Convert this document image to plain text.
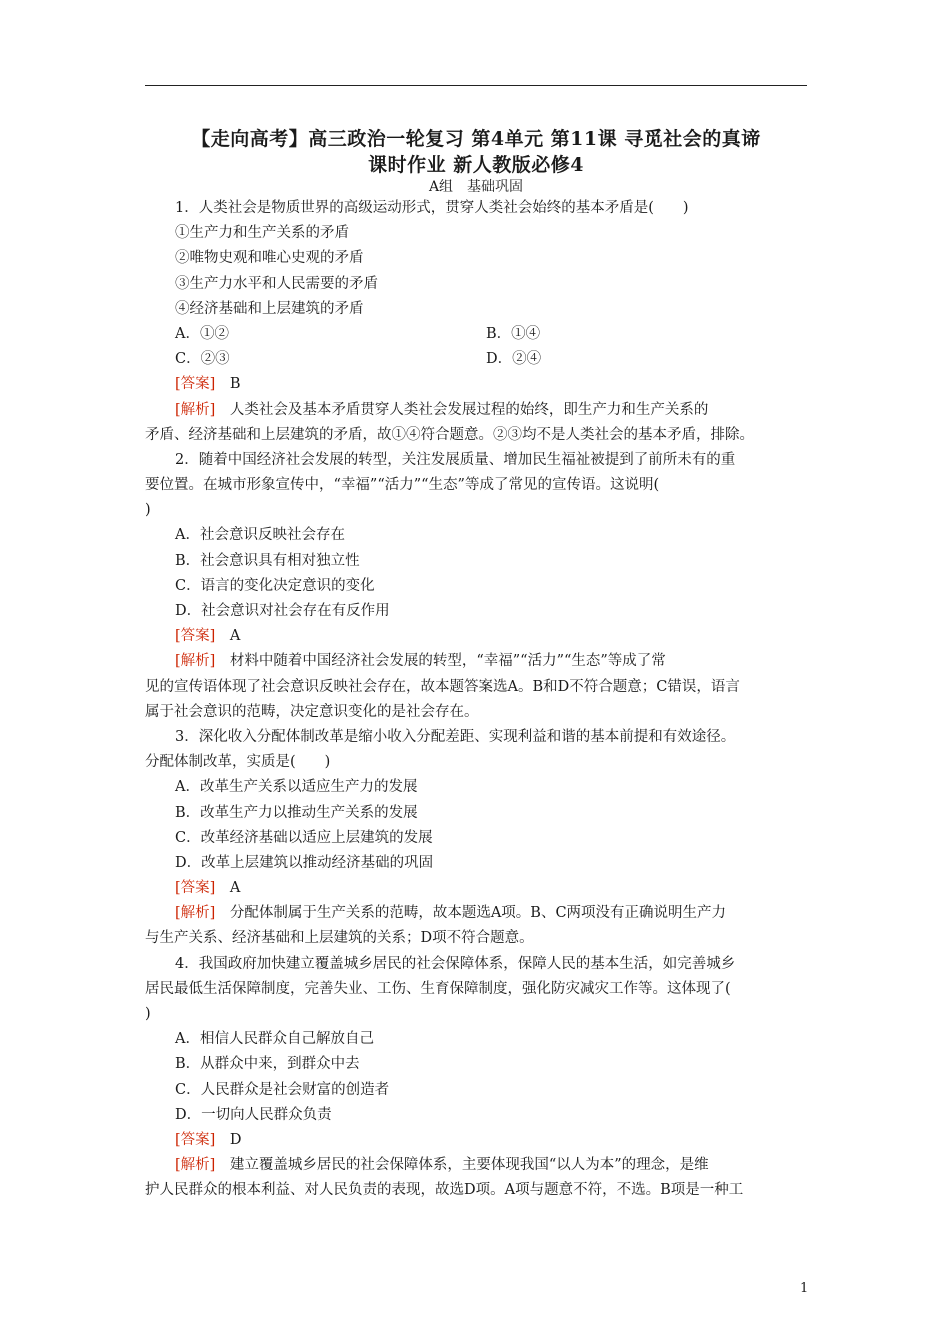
【走向高考】高三政治一轮复习 第4单元 第11课 寻觅社会的真谛
课时作业 新人教版必修4
A组　基础巩固
1．人类社会是物质世界的高级运动形式，贯穿人类社会始终的基本矛盾是(　　)
①生产力和生产关系的矛盾
②唯物史观和唯心史观的矛盾
③生产力水平和人民需要的矛盾
④经济基础和上层建筑的矛盾
A．①②	B．①④
C．②③	D．②④
[答案]　 B
[解析]　 人类社会及基本矛盾贯穿人类社会发展过程的始终，即生产力和生产关系的
矛盾、经济基础和上层建筑的矛盾，故①④符合题意。②③均不是人类社会的基本矛盾，排除。
2．随着中国经济社会发展的转型，关注发展质量、增加民生福祉被提到了前所未有的重
要位置。在城市形象宣传中，“幸福”“活力”“生态”等成了常见的宣传语。这说明(
)
A．社会意识反映社会存在
B．社会意识具有相对独立性
C．语言的变化决定意识的变化
D．社会意识对社会存在有反作用
[答案]　 A
[解析]　 材料中随着中国经济社会发展的转型，“幸福”“活力”“生态”等成了常
见的宣传语体现了社会意识反映社会存在，故本题答案选A。B和D不符合题意；C错误，语言
属于社会意识的范畴，决定意识变化的是社会存在。
3．深化收入分配体制改革是缩小收入分配差距、实现利益和谐的基本前提和有效途径。
分配体制改革，实质是(　　)
A．改革生产关系以适应生产力的发展
B．改革生产力以推动生产关系的发展
C．改革经济基础以适应上层建筑的发展
D．改革上层建筑以推动经济基础的巩固
[答案]　 A
[解析]　 分配体制属于生产关系的范畴，故本题选A项。B、C两项没有正确说明生产力
与生产关系、经济基础和上层建筑的关系；D项不符合题意。
4．我国政府加快建立覆盖城乡居民的社会保障体系，保障人民的基本生活，如完善城乡
居民最低生活保障制度，完善失业、工伤、生育保障制度，强化防灾减灾工作等。这体现了(
)
A．相信人民群众自己解放自己
B．从群众中来，到群众中去
C．人民群众是社会财富的创造者
D．一切向人民群众负责
[答案]　 D
[解析]　 建立覆盖城乡居民的社会保障体系，主要体现我国“以人为本”的理念，是维
护人民群众的根本利益、对人民负责的表现，故选D项。A项与题意不符，不选。B项是一种工
1
